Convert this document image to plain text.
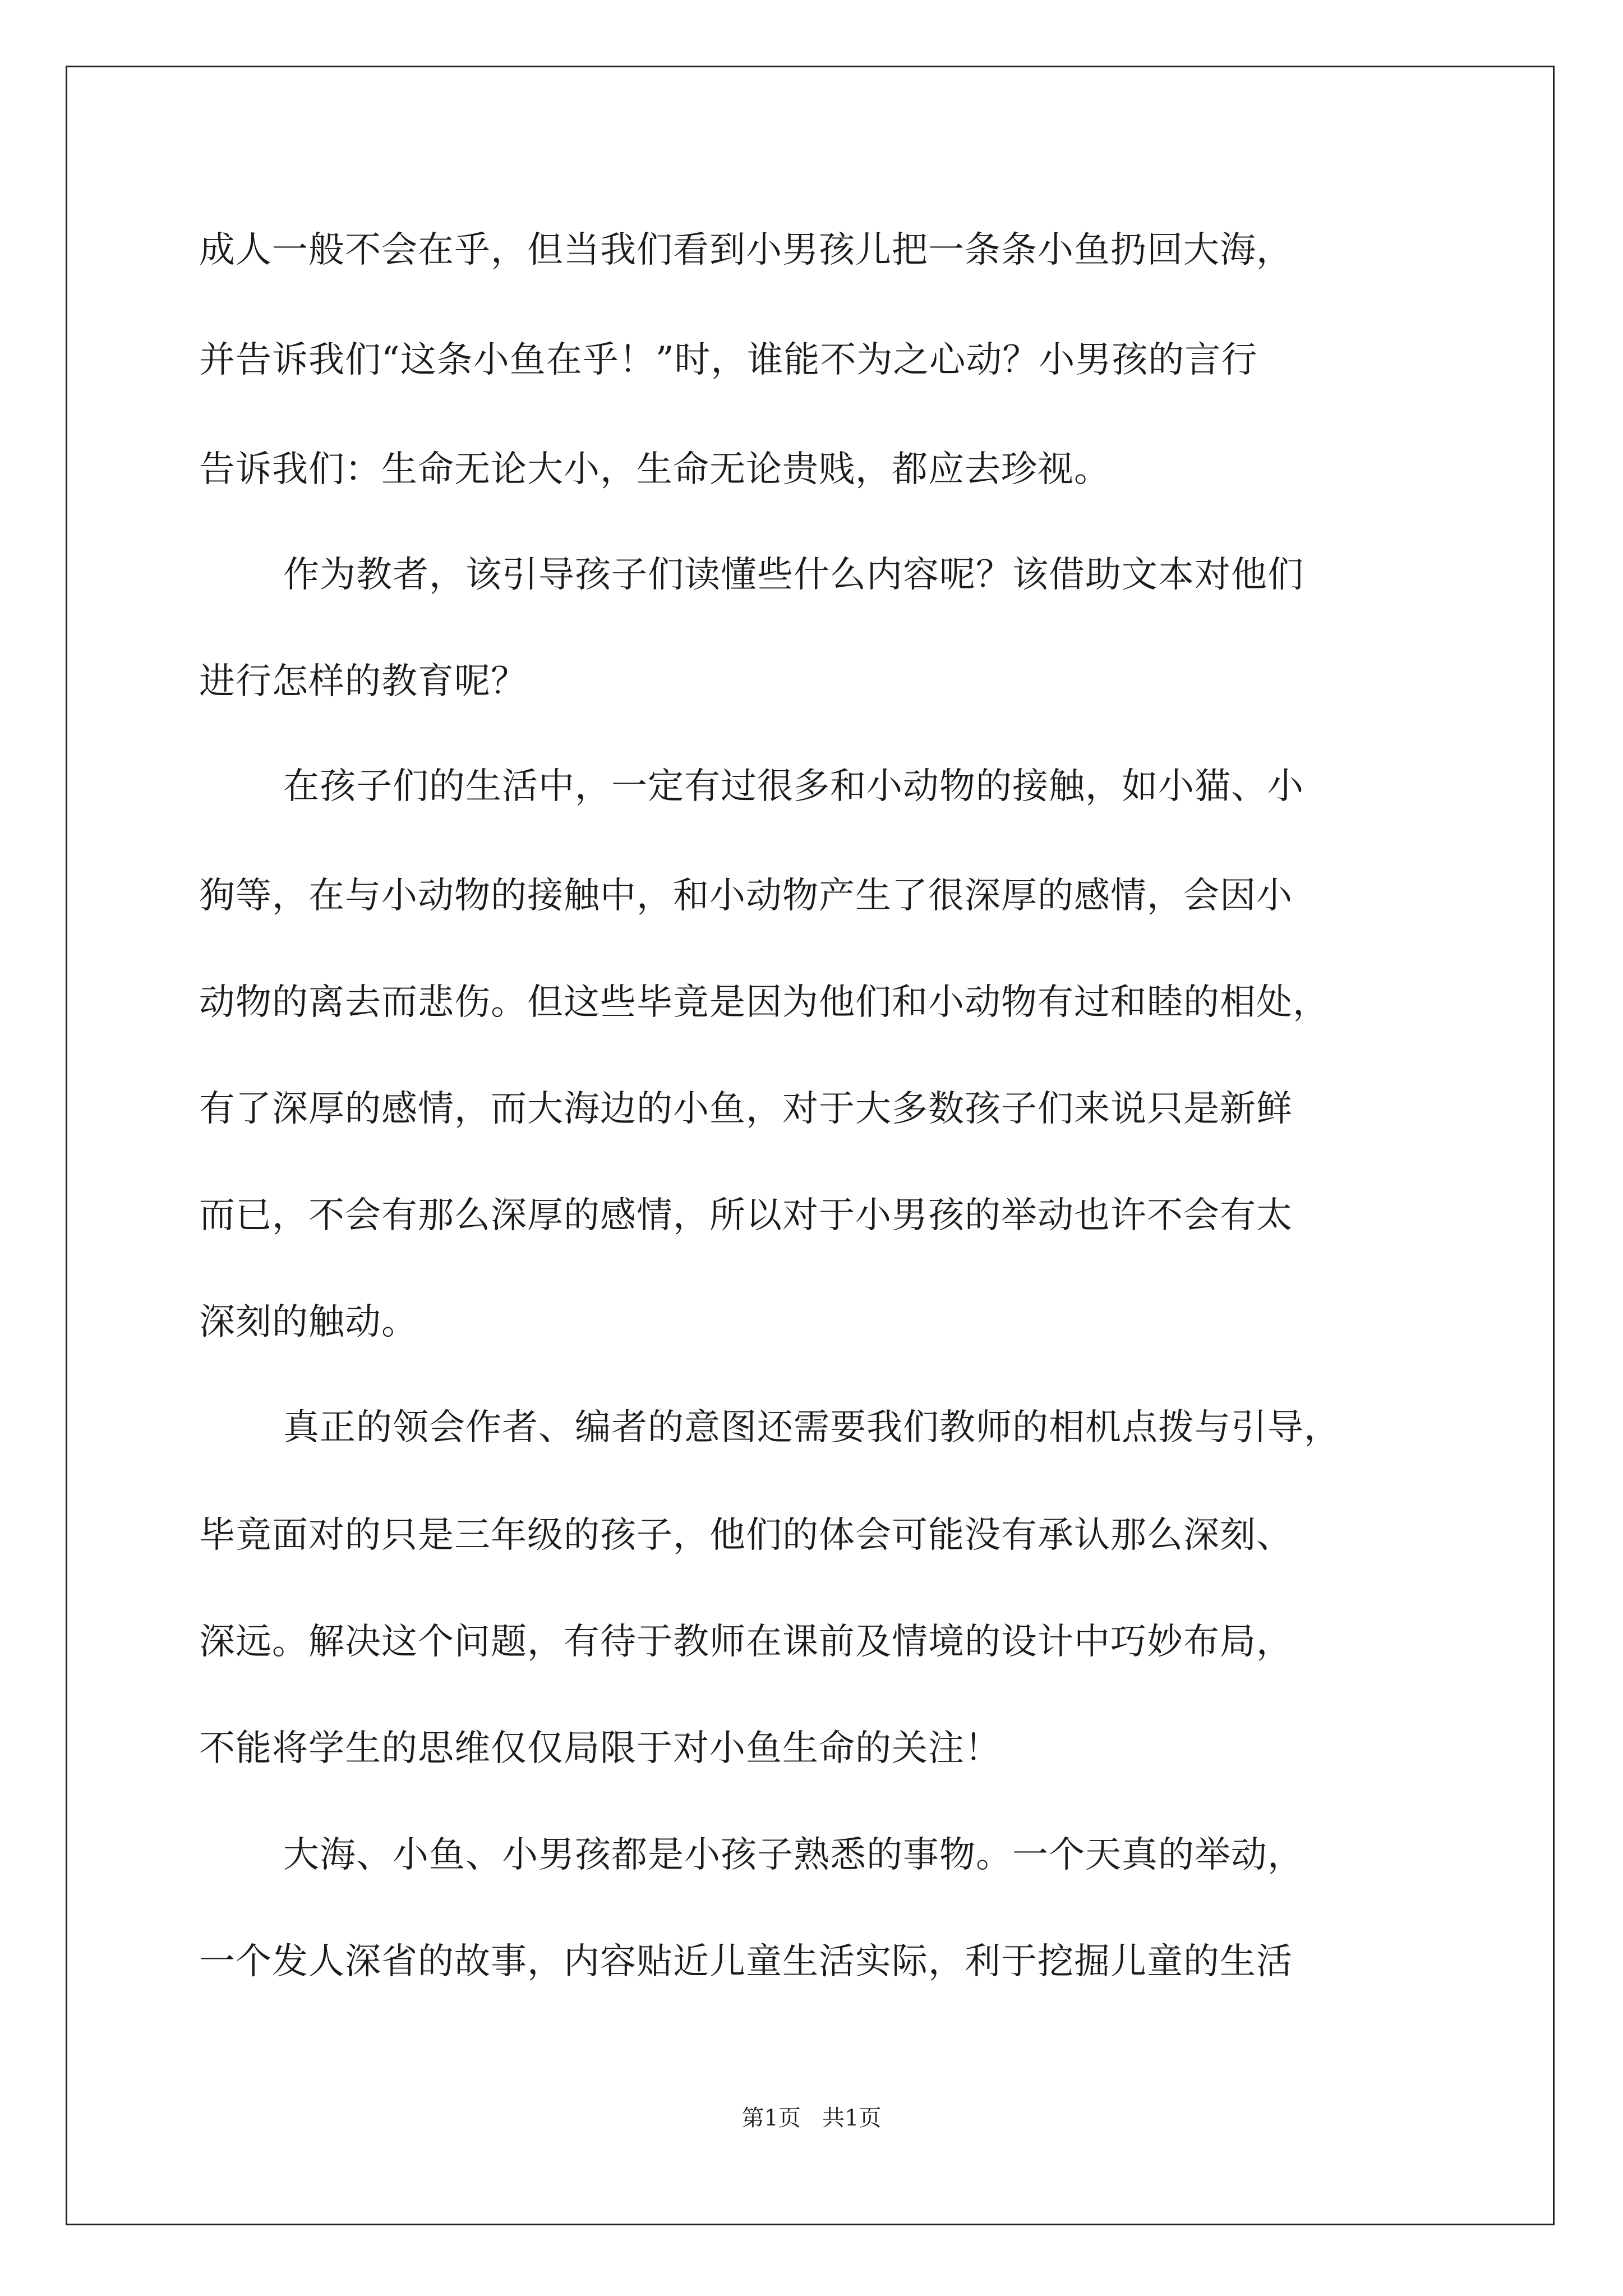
成人一般不会在乎，但当我们看到小男孩儿把一条条小鱼扔回大海，
并告诉我们“这条小鱼在乎！”时，谁能不为之心动？小男孩的言行
告诉我们：生命无论大小，生命无论贵贱，都应去珍视。
作为教者，该引导孩子们读懂些什么内容呢？该借助文本对他们
进行怎样的教育呢？
在孩子们的生活中，一定有过很多和小动物的接触，如小猫、小
狗等，在与小动物的接触中，和小动物产生了很深厚的感情，会因小
动物的离去而悲伤。但这些毕竟是因为他们和小动物有过和睦的相处，
有了深厚的感情，而大海边的小鱼，对于大多数孩子们来说只是新鲜
而已，不会有那么深厚的感情，所以对于小男孩的举动也许不会有太
深刻的触动。
真正的领会作者、编者的意图还需要我们教师的相机点拨与引导，
毕竟面对的只是三年级的孩子，他们的体会可能没有承认那么深刻、
深远。解决这个问题，有待于教师在课前及情境的设计中巧妙布局，
不能将学生的思维仅仅局限于对小鱼生命的关注！
大海、小鱼、小男孩都是小孩子熟悉的事物。一个天真的举动，
一个发人深省的故事，内容贴近儿童生活实际，利于挖掘儿童的生活
第1页   共1页
